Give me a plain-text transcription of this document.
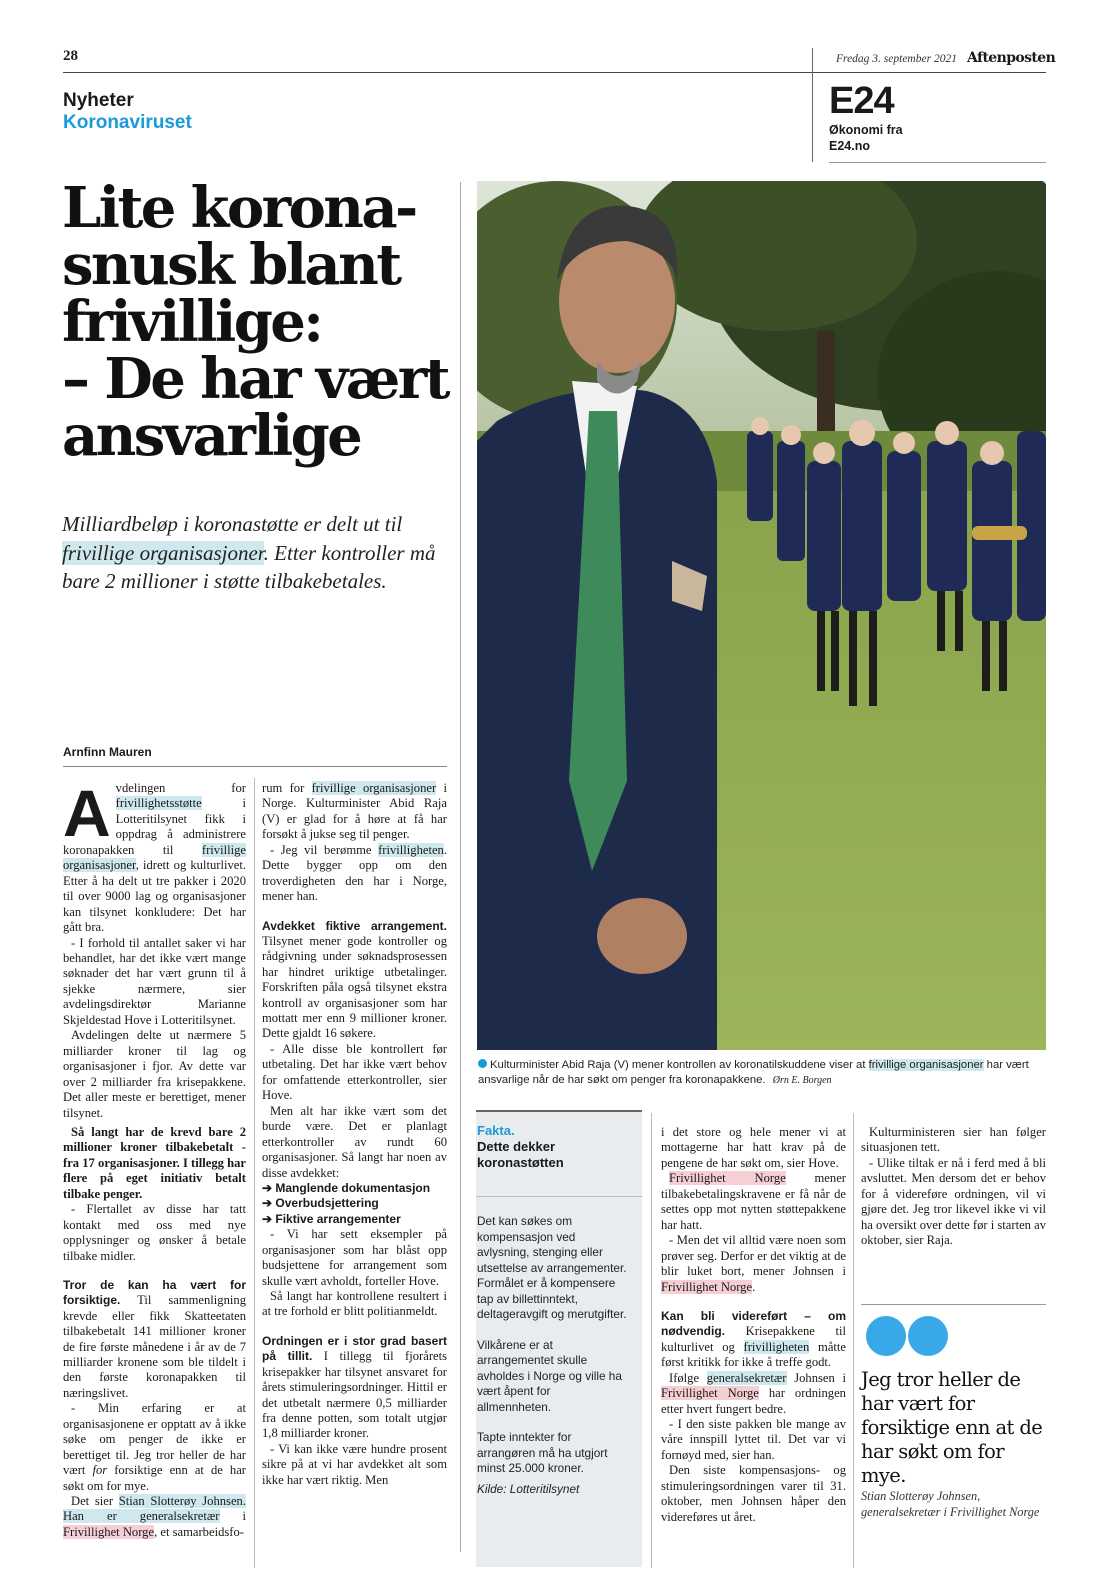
28	Fredag 3. september 2021 Aftenposten
Nyheter
Koronaviruset
E24
Økonomi fra
E24.no
Lite korona-
snusk blant
frivillige:
– De har vært
ansvarlige
Milliardbeløp i koronastøtte er delt ut til frivillige organisasjoner. Etter kontroller må bare 2 millioner i støtte tilbakebetales.
Kulturminister Abid Raja (V) mener kontrollen av koronatilskuddene viser at frivillige organisasjoner har vært ansvarlige når de har søkt om penger fra koronapakkene. Ørn E. Borgen
Arnfinn Mauren

Avdelingen for frivillighetsstøtte i Lotteritilsynet fikk i oppdrag å administrere koronapakken til frivillige organisasjoner, idrett og kulturlivet. Etter å ha delt ut tre pakker i 2020 til over 9000 lag og organisasjoner kan tilsynet konkludere: Det har gått bra.

- I forhold til antallet saker vi har behandlet, har det ikke vært mange søknader det har vært grunn til å sjekke nærmere, sier avdelingsdirektør Marianne Skjeldestad Hove i Lotteritilsynet.

Avdelingen delte ut nærmere 5 milliarder kroner til lag og organisasjoner i fjor. Av dette var over 2 milliarder fra krisepakkene. Det aller meste er berettiget, mener tilsynet.

Så langt har de krevd bare 2 millioner kroner tilbakebetalt - fra 17 organisasjoner. I tillegg har flere på eget initiativ betalt tilbake penger.

- Flertallet av disse har tatt kontakt med oss med nye opplysninger og ønsker å betale tilbake midler.

Tror de kan ha vært for forsiktige. Til sammenligning krevde eller fikk Skatteetaten tilbakebetalt 141 millioner kroner de fire første månedene i år av de 7 milliarder kronene som ble tildelt i den første koronapakken til næringslivet.

- Min erfaring er at organisasjonene er opptatt av å ikke søke om penger de ikke er berettiget til. Jeg tror heller de har vært for forsiktige enn at de har søkt om for mye.

Det sier Stian Slotterøy Johnsen. Han er generalsekretær i Frivillighet Norge, et samarbeidsfo-

rum for frivillige organisasjoner i Norge. Kulturminister Abid Raja (V) er glad for å høre at få har forsøkt å jukse seg til penger.

- Jeg vil berømme frivilligheten. Dette bygger opp om den troverdigheten den har i Norge, mener han.

Avdekket fiktive arrangement. Tilsynet mener gode kontroller og rådgivning under søknadsprosessen har hindret uriktige utbetalinger. Forskriften påla også tilsynet ekstra kontroll av organisasjoner som har mottatt mer enn 9 millioner kroner. Dette gjaldt 16 søkere.

- Alle disse ble kontrollert før utbetaling. Det har ikke vært behov for omfattende etterkontroller, sier Hove.

Men alt har ikke vært som det burde være. Det er planlagt etterkontroller av rundt 60 organisasjoner. Så langt har noen av disse avdekket:

➔ Manglende dokumentasjon

➔ Overbudsjettering

➔ Fiktive arrangementer

- Vi har sett eksempler på organisasjoner som har blåst opp budsjettene for arrangement som skulle vært avholdt, forteller Hove.

Så langt har kontrollene resultert i at tre forhold er blitt politianmeldt.

Ordningen er i stor grad basert på tillit. I tillegg til fjorårets krisepakker har tilsynet ansvaret for årets stimuleringsordninger. Hittil er det utbetalt nærmere 0,5 milliarder fra denne potten, som totalt utgjør 1,8 milliarder kroner.

- Vi kan ikke være hundre prosent sikre på at vi har avdekket alt som ikke har vært riktig. Men

Fakta.
Dette dekker koronastøtten

Det kan søkes om kompensasjon ved avlysning, stenging eller utsettelse av arrangementer. Formålet er å kompensere tap av billettinntekt, deltageravgift og merutgifter.

Vilkårene er at arrangementet skulle avholdes i Norge og ville ha vært åpent for allmennheten.

Tapte inntekter for arrangøren må ha utgjort minst 25.000 kroner.

Kilde: Lotteritilsynet

i det store og hele mener vi at mottagerne har hatt krav på de pengene de har søkt om, sier Hove.

Frivillighet Norge mener tilbakebetalingskravene er få når de settes opp mot nytten støttepakkene har hatt.

- Men det vil alltid være noen som prøver seg. Derfor er det viktig at de blir luket bort, mener Johnsen i Frivillighet Norge.

Kan bli videreført – om nødvendig. Krisepakkene til kulturlivet og frivilligheten måtte først kritikk for ikke å treffe godt.

Ifølge generalsekretær Johnsen i Frivillighet Norge har ordningen etter hvert fungert bedre.

- I den siste pakken ble mange av våre innspill lyttet til. Det var vi fornøyd med, sier han.

Den siste kompensasjons- og stimuleringsordningen varer til 31. oktober, men Johnsen håper den videreføres ut året.

Kulturministeren sier han følger situasjonen tett.

- Ulike tiltak er nå i ferd med å bli avsluttet. Men dersom det er behov for å videreføre ordningen, vil vi gjøre det. Jeg tror likevel ikke vi vil ha oversikt over dette før i starten av oktober, sier Raja.

Jeg tror heller de har vært for forsiktige enn at de har søkt om for mye.
Stian Slotterøy Johnsen, generalsekretær i Frivillighet Norge
